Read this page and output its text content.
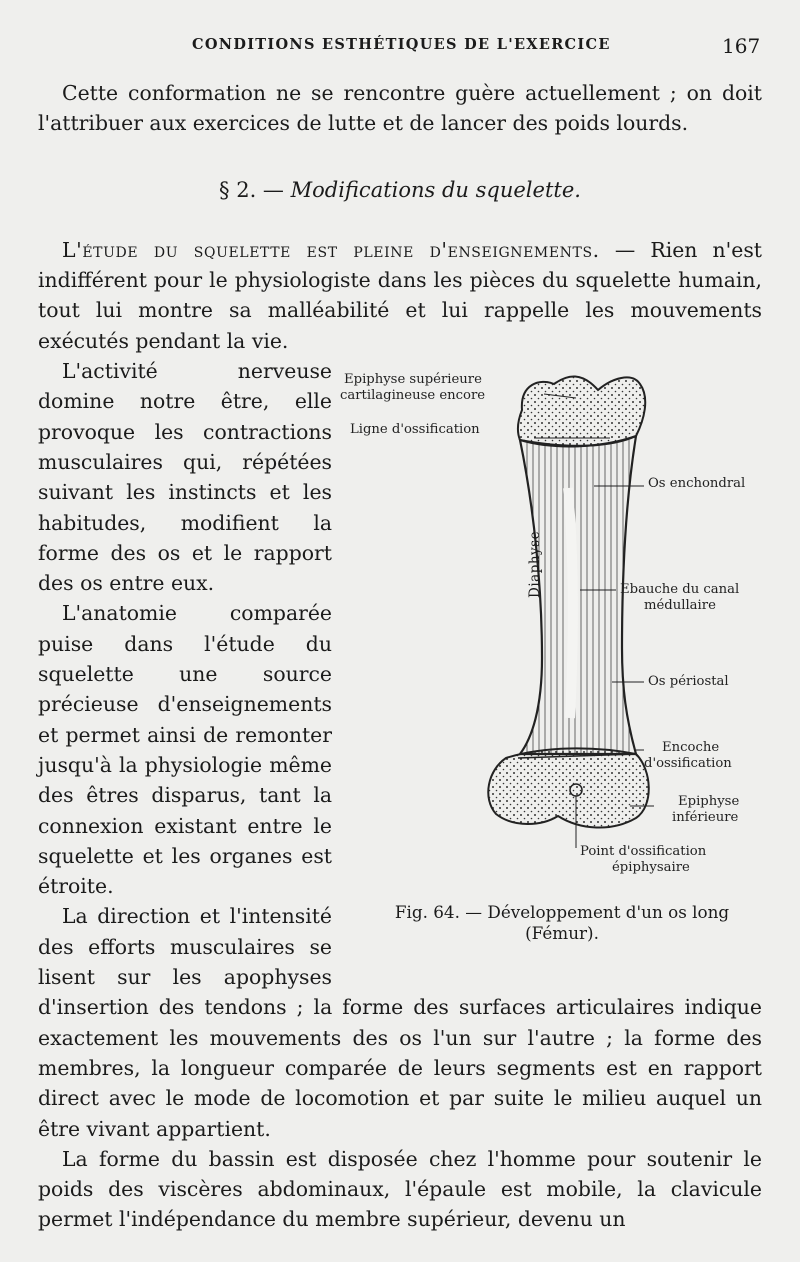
CONDITIONS ESTHÉTIQUES DE L'EXERCICE	167

Cette conformation ne se rencontre guère actuellement ; on doit l'attribuer aux exercices de lutte et de lancer des poids lourds.

§ 2. — Modifications du squelette.

L'étude du squelette est pleine d'enseignements. — Rien n'est indifférent pour le physiologiste dans les pièces du squelette humain, tout lui montre sa malléabilité et lui rappelle les mouvements exécutés pendant la vie.

Epiphyse supérieure
cartilagineuse encore
Ligne d'ossification
Os enchondral
Ebauche du canal
médullaire
Diaphyse
Os périostal
Encoche
d'ossification
Epiphyse
inférieure
Point d'ossification
épiphysaire
Fig. 64. — Développement d'un os long
(Fémur).

L'activité nerveuse domine notre être, elle provoque les contractions musculaires qui, répétées suivant les instincts et les habitudes, modifient la forme des os et le rapport des os entre eux.

L'anatomie comparée puise dans l'étude du squelette une source précieuse d'enseignements et permet ainsi de remonter jusqu'à la physiologie même des êtres disparus, tant la connexion existant entre le squelette et les organes est étroite.

La direction et l'intensité des efforts musculaires se lisent sur les apophyses d'insertion des tendons ; la forme des surfaces articulaires indique exactement les mouvements des os l'un sur l'autre ; la forme des membres, la longueur comparée de leurs segments est en rapport direct avec le mode de locomotion et par suite le milieu auquel un être vivant appartient.

La forme du bassin est disposée chez l'homme pour soutenir le poids des viscères abdominaux, l'épaule est mobile, la clavicule permet l'indépendance du membre supérieur, devenu un
